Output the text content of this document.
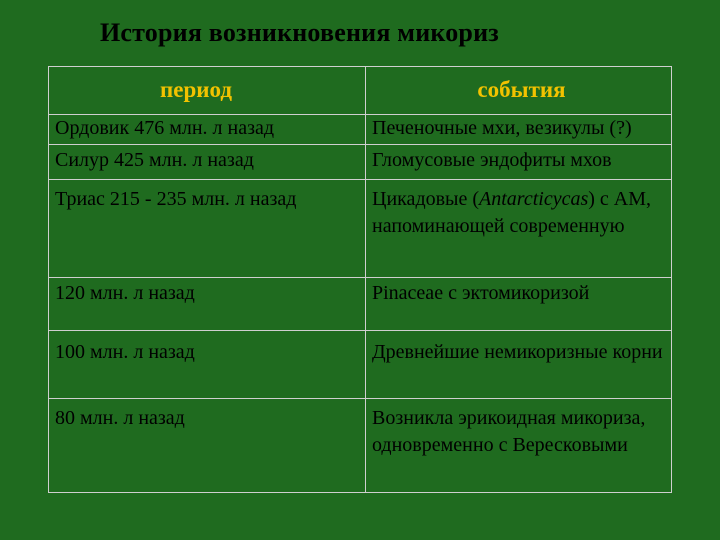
История возникновения микориз
период	события
Ордовик 476 млн. л назад	Печеночные мхи, везикулы (?)
Силур 425 млн. л назад	Гломусовые эндофиты мхов
Триас 215 - 235 млн. л назад	Цикадовые (Antarcticycas) с АМ, напоминающей современную
120 млн. л назад	Pinaceae с эктомикоризой
100 млн. л назад	Древнейшие немикоризные корни
80 млн. л назад	Возникла эрикоидная микориза, одновременно с Вересковыми
